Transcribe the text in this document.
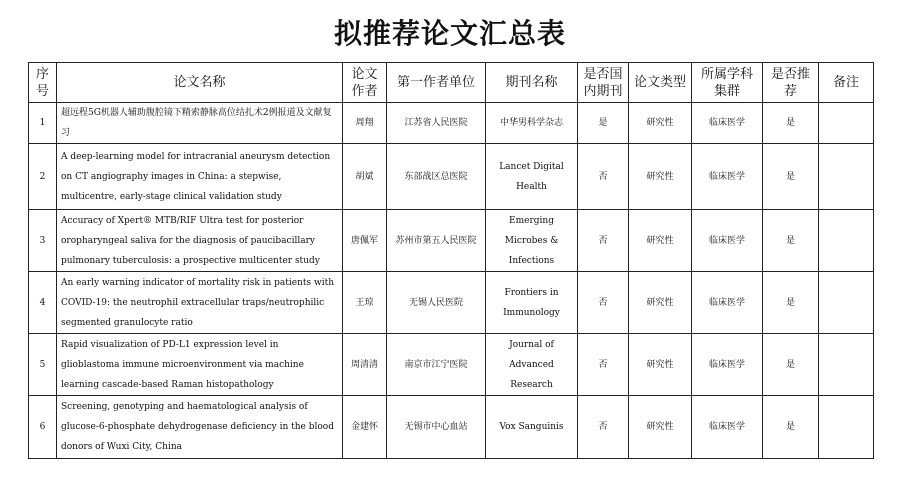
拟推荐论文汇总表
序号	论文名称	论文作者	第一作者单位	期刊名称	是否国内期刊	论文类型	所属学科集群	是否推荐	备注
1	超远程5G机器人辅助腹腔镜下精索静脉高位结扎术2例报道及文献复习	周翔	江苏省人民医院	中华男科学杂志	是	研究性	临床医学	是	
2	A deep-learning model for intracranial aneurysm detection on CT angiography images in China: a stepwise, multicentre, early-stage clinical validation study	胡斌	东部战区总医院	Lancet Digital Health	否	研究性	临床医学	是	
3	Accuracy of Xpert® MTB/RIF Ultra test for posterior oropharyngeal saliva for the diagnosis of paucibacillary pulmonary tuberculosis: a prospective multicenter study	唐佩军	苏州市第五人民医院	Emerging Microbes & Infections	否	研究性	临床医学	是	
4	An early warning indicator of mortality risk in patients with COVID-19: the neutrophil extracellular traps/neutrophilic segmented granulocyte ratio	王琼	无锡人民医院	Frontiers in Immunology	否	研究性	临床医学	是	
5	Rapid visualization of PD-L1 expression level in glioblastoma immune microenvironment via machine learning cascade-based Raman histopathology	周清清	南京市江宁医院	Journal of Advanced Research	否	研究性	临床医学	是	
6	Screening, genotyping and haematological analysis of glucose-6-phosphate dehydrogenase deficiency in the blood donors of Wuxi City, China	金建怀	无锡市中心血站	Vox Sanguinis	否	研究性	临床医学	是	
